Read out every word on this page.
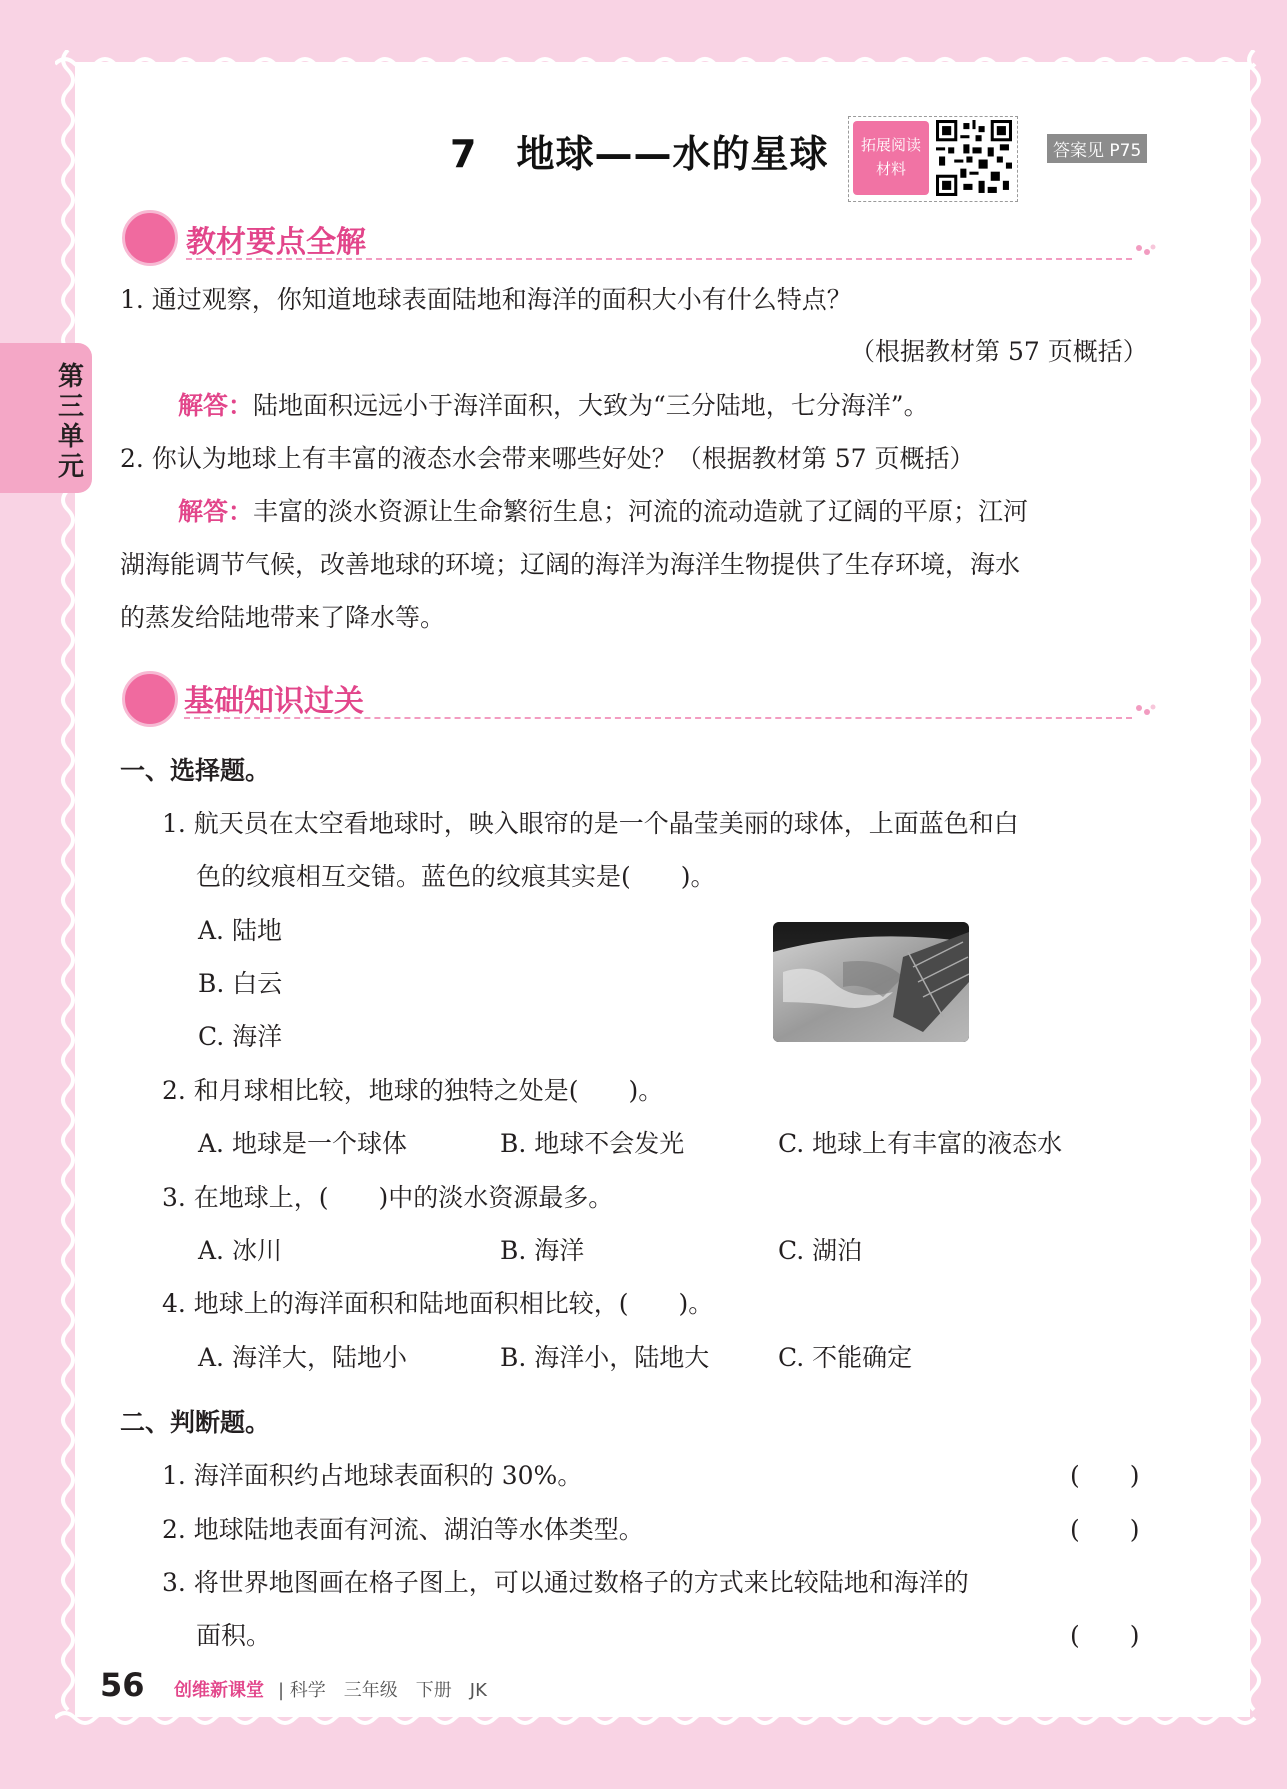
第三单元
7　地球——水的星球	拓展阅读
材料
答案见 P75
教材要点全解
1. 通过观察，你知道地球表面陆地和海洋的面积大小有什么特点？
（根据教材第 57 页概括）
解答：陆地面积远远小于海洋面积，大致为“三分陆地，七分海洋”。
2. 你认为地球上有丰富的液态水会带来哪些好处？（根据教材第 57 页概括）
解答：丰富的淡水资源让生命繁衍生息；河流的流动造就了辽阔的平原；江河
湖海能调节气候，改善地球的环境；辽阔的海洋为海洋生物提供了生存环境，海水
的蒸发给陆地带来了降水等。
基础知识过关
一、选择题。
1. 航天员在太空看地球时，映入眼帘的是一个晶莹美丽的球体，上面蓝色和白
色的纹痕相互交错。蓝色的纹痕其实是(　　)。
A. 陆地
B. 白云
C. 海洋
2. 和月球相比较，地球的独特之处是(　　)。
A. 地球是一个球体	B. 地球不会发光	C. 地球上有丰富的液态水
3. 在地球上，(　　)中的淡水资源最多。
A. 冰川	B. 海洋	C. 湖泊
4. 地球上的海洋面积和陆地面积相比较，(　　)。
A. 海洋大，陆地小	B. 海洋小，陆地大	C. 不能确定
二、判断题。
1. 海洋面积约占地球表面积的 30%。	(　　)
2. 地球陆地表面有河流、湖泊等水体类型。	(　　)
3. 将世界地图画在格子图上，可以通过数格子的方式来比较陆地和海洋的
面积。	(　　)
56 创维新课堂 | 科学　三年级　下册　JK
